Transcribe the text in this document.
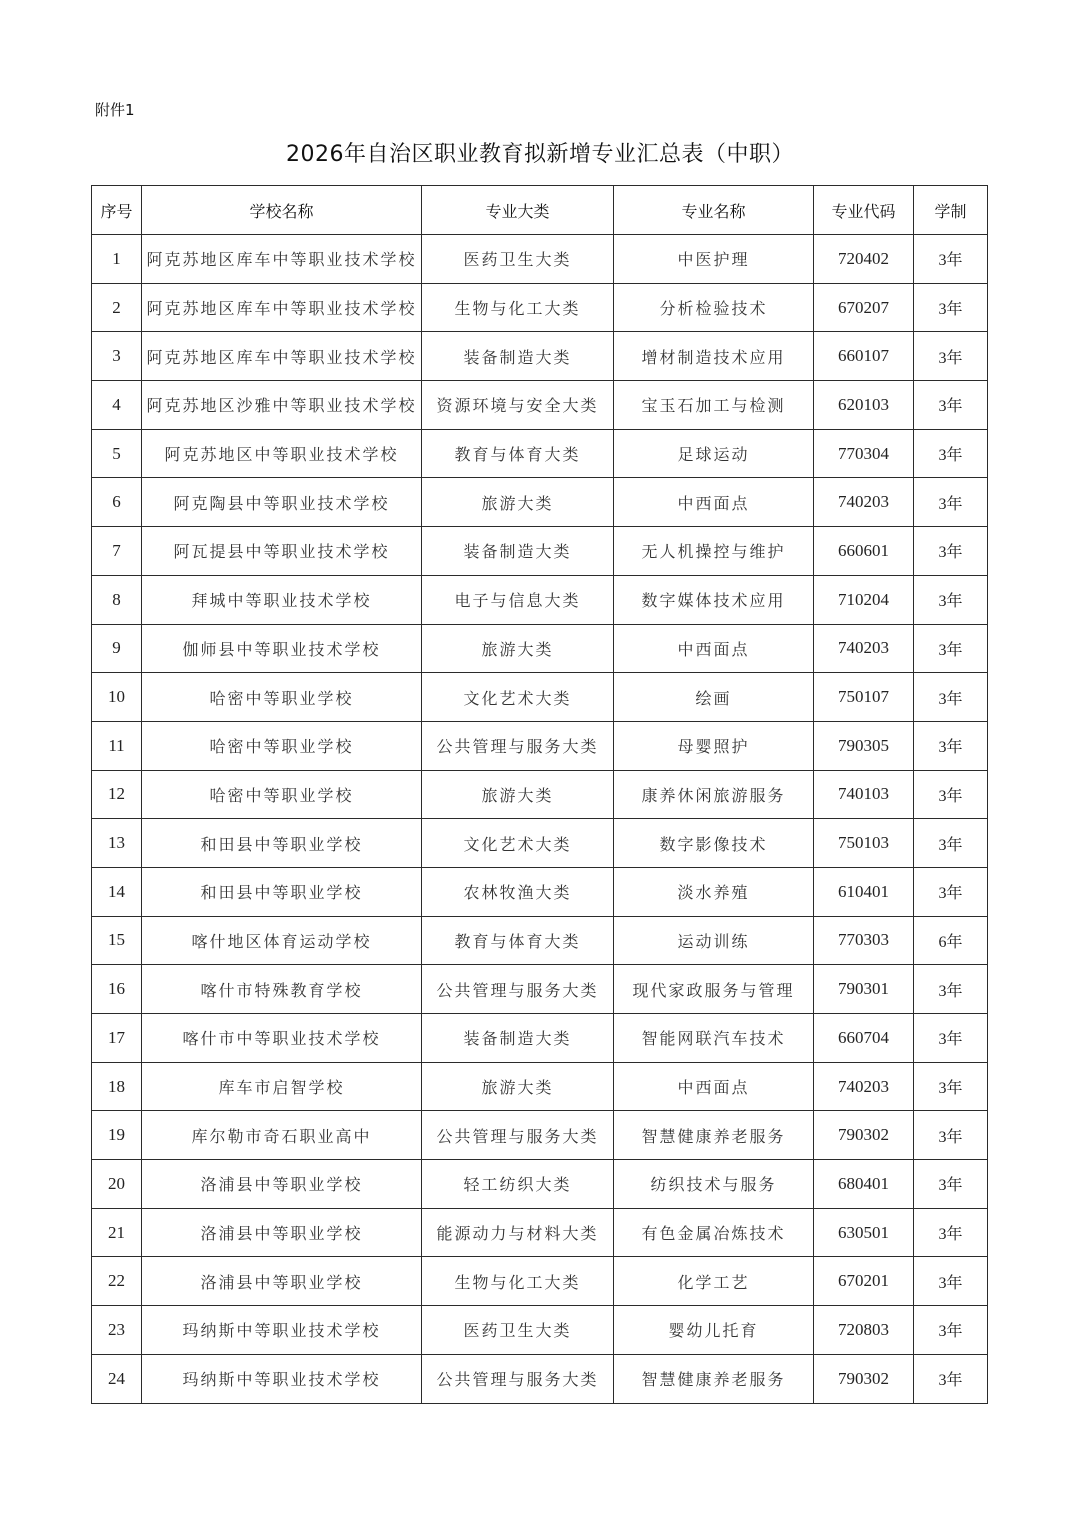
附件1
2026年自治区职业教育拟新增专业汇总表（中职）
序号	学校名称	专业大类	专业名称	专业代码	学制
1	阿克苏地区库车中等职业技术学校	医药卫生大类	中医护理	720402	3年
2	阿克苏地区库车中等职业技术学校	生物与化工大类	分析检验技术	670207	3年
3	阿克苏地区库车中等职业技术学校	装备制造大类	增材制造技术应用	660107	3年
4	阿克苏地区沙雅中等职业技术学校	资源环境与安全大类	宝玉石加工与检测	620103	3年
5	阿克苏地区中等职业技术学校	教育与体育大类	足球运动	770304	3年
6	阿克陶县中等职业技术学校	旅游大类	中西面点	740203	3年
7	阿瓦提县中等职业技术学校	装备制造大类	无人机操控与维护	660601	3年
8	拜城中等职业技术学校	电子与信息大类	数字媒体技术应用	710204	3年
9	伽师县中等职业技术学校	旅游大类	中西面点	740203	3年
10	哈密中等职业学校	文化艺术大类	绘画	750107	3年
11	哈密中等职业学校	公共管理与服务大类	母婴照护	790305	3年
12	哈密中等职业学校	旅游大类	康养休闲旅游服务	740103	3年
13	和田县中等职业学校	文化艺术大类	数字影像技术	750103	3年
14	和田县中等职业学校	农林牧渔大类	淡水养殖	610401	3年
15	喀什地区体育运动学校	教育与体育大类	运动训练	770303	6年
16	喀什市特殊教育学校	公共管理与服务大类	现代家政服务与管理	790301	3年
17	喀什市中等职业技术学校	装备制造大类	智能网联汽车技术	660704	3年
18	库车市启智学校	旅游大类	中西面点	740203	3年
19	库尔勒市奇石职业高中	公共管理与服务大类	智慧健康养老服务	790302	3年
20	洛浦县中等职业学校	轻工纺织大类	纺织技术与服务	680401	3年
21	洛浦县中等职业学校	能源动力与材料大类	有色金属冶炼技术	630501	3年
22	洛浦县中等职业学校	生物与化工大类	化学工艺	670201	3年
23	玛纳斯中等职业技术学校	医药卫生大类	婴幼儿托育	720803	3年
24	玛纳斯中等职业技术学校	公共管理与服务大类	智慧健康养老服务	790302	3年
